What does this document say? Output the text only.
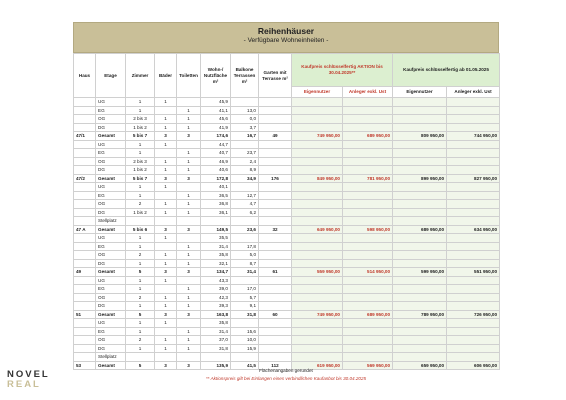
Reihenhäuser
- Verfügbare Wohneinheiten -
Haus	Etage	Zimmer	Bäder	Toiletten	Wohn-/ Nutzfläche m²	Balkone Terrassen m²	Garten mit Terrasse m²	Kaufpreis schlüsselfertig AKTION bis 30.04.2025**		Kaufpreis schlüsselfertig ab 01.05.2025	
								Eigennutzer	Anleger exkl. Ust	Eigennutzer	Anleger exkl. Ust
	UG	1	1		45,9						
	EG	1		1	41,1	13,0					
	OG	2 bis 3	1	1	45,6	0,0					
	DG	1 bis 2	1	1	41,9	3,7					
47/1	Gesamt	5 bis 7	3	3	174,6	16,7	49	749 950,00	689 950,00	809 950,00	744 950,00
	UG	1	1		44,7						
	EG	1		1	40,7	23,7					
	OG	2 bis 3	1	1	46,9	2,4					
	DG	1 bis 2	1	1	40,6	8,9					
47/2	Gesamt	5 bis 7	3	3	172,8	34,9	176	849 950,00	781 950,00	899 950,00	827 950,00
	UG	1	1		40,1						
	EG	1		1	36,5	12,7					
	OG	2	1	1	36,8	4,7					
	DG	1 bis 2	1	1	36,1	6,2					
	Stellplatz										
47 A	Gesamt	5 bis 6	3	3	149,5	23,6	32	649 950,00	598 950,00	689 950,00	634 950,00
	UG	1	1		35,5						
	EG	1		1	31,4	17,8					
	OG	2	1	1	35,8	5,0					
	DG	1	1	1	32,1	8,7					
49	Gesamt	5	3	3	134,7	31,4	61	559 950,00	514 950,00	599 950,00	551 950,00
	UG	1	1		43,3						
	EG	1		1	39,0	17,0					
	OG	2	1	1	42,3	5,7					
	DG	1	1	1	39,3	9,1					
51	Gesamt	5	3	3	163,8	31,8	60	749 950,00	689 950,00	789 950,00	726 950,00
	UG	1	1		35,8						
	EG	1		1	31,4	15,6					
	OG	2	1	1	37,0	10,0					
	DG	1	1	1	31,8	15,9					
	Stellplatz										
53	Gesamt	5	3	3	135,9	41,5	112	619 950,00	569 950,00	659 950,00	606 950,00
Flächenangaben gerundet
** Aktionspreis gilt bei Einlangen eines verbindlichen Kaufanbot bis 30.04.2025
NOVEL
REAL
